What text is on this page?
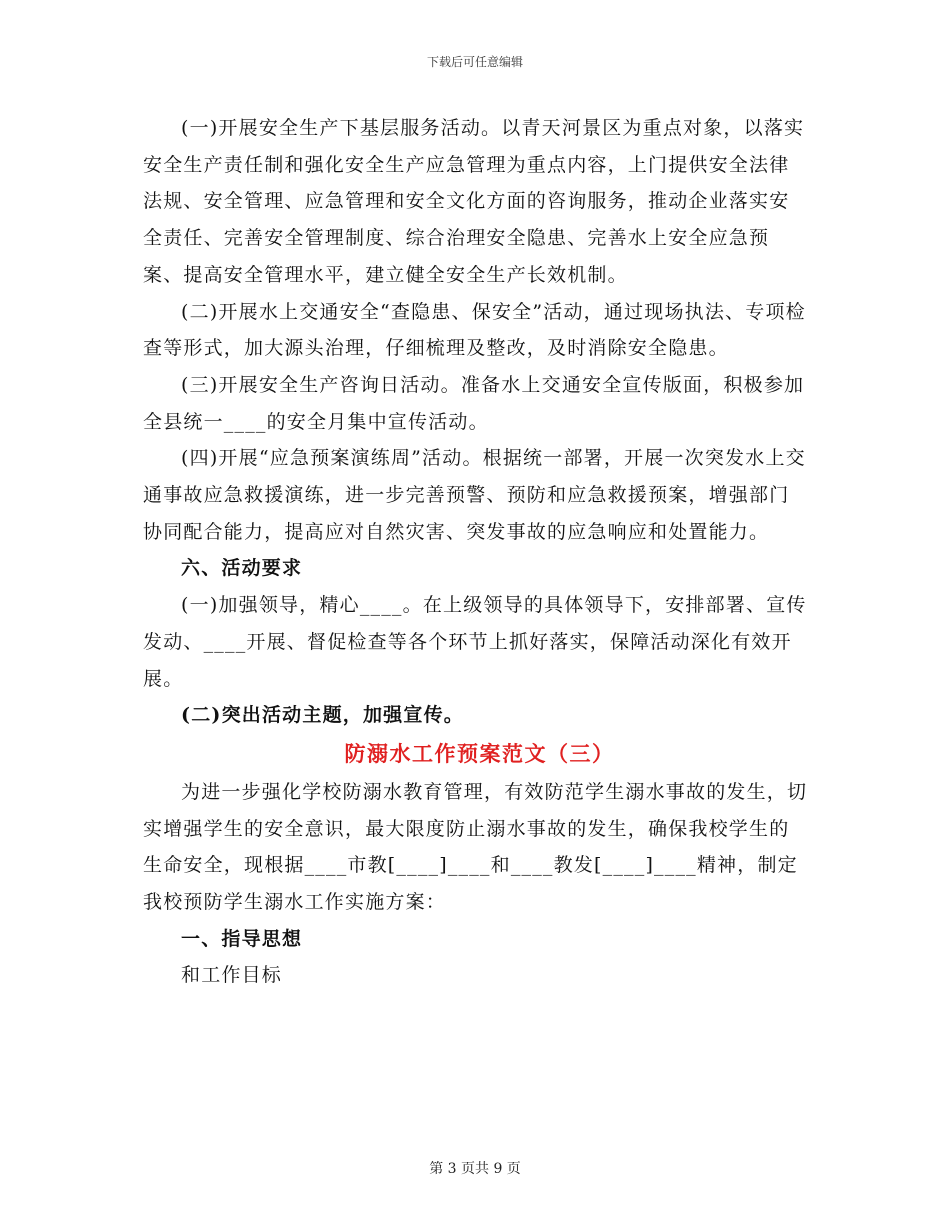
下载后可任意编辑

(一)开展安全生产下基层服务活动。以青天河景区为重点对象，以落实安全生产责任制和强化安全生产应急管理为重点内容，上门提供安全法律法规、安全管理、应急管理和安全文化方面的咨询服务，推动企业落实安全责任、完善安全管理制度、综合治理安全隐患、完善水上安全应急预案、提高安全管理水平，建立健全安全生产长效机制。

(二)开展水上交通安全“查隐患、保安全”活动，通过现场执法、专项检查等形式，加大源头治理，仔细梳理及整改，及时消除安全隐患。

(三)开展安全生产咨询日活动。准备水上交通安全宣传版面，积极参加全县统一____的安全月集中宣传活动。

(四)开展“应急预案演练周”活动。根据统一部署，开展一次突发水上交通事故应急救援演练，进一步完善预警、预防和应急救援预案，增强部门协同配合能力，提高应对自然灾害、突发事故的应急响应和处置能力。

六、活动要求

(一)加强领导，精心____。在上级领导的具体领导下，安排部署、宣传发动、____开展、督促检查等各个环节上抓好落实，保障活动深化有效开展。

(二)突出活动主题，加强宣传。

防溺水工作预案范文（三）

为进一步强化学校防溺水教育管理，有效防范学生溺水事故的发生，切实增强学生的安全意识，最大限度防止溺水事故的发生，确保我校学生的生命安全，现根据____市教[____]____和____教发[____]____精神，制定我校预防学生溺水工作实施方案：

一、指导思想

和工作目标

第 3 页共 9 页
